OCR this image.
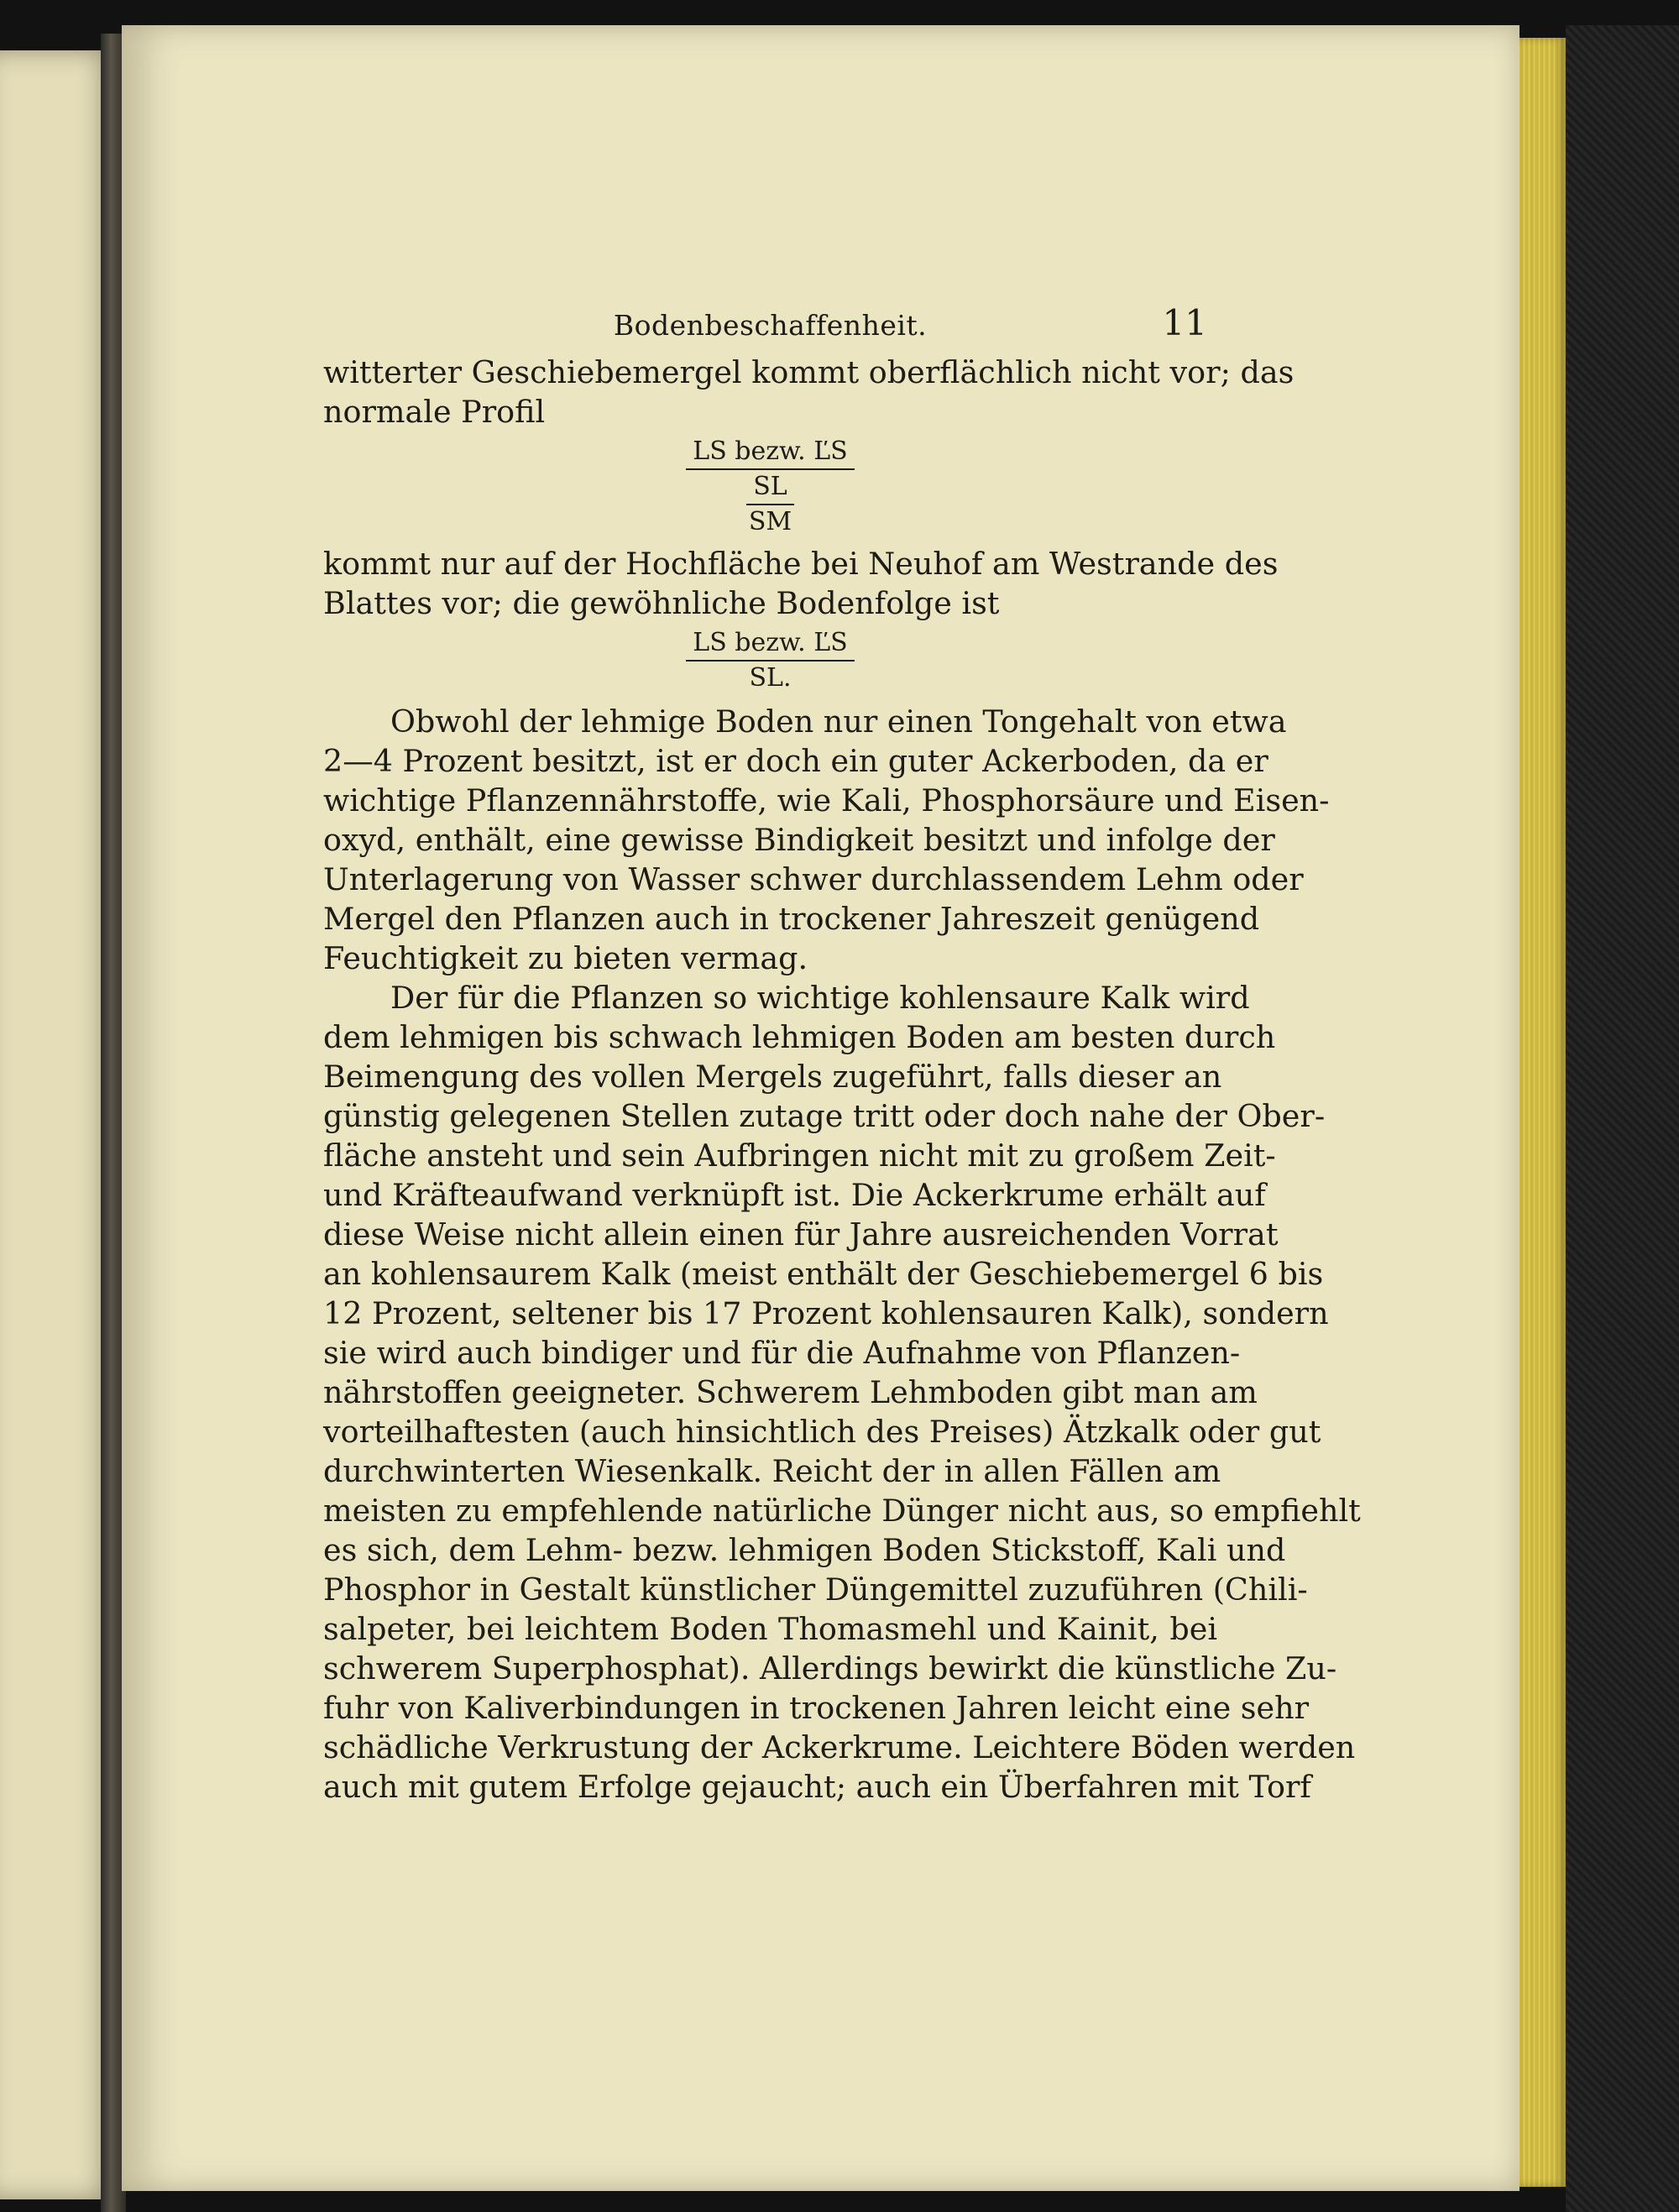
Bodenbeschaffenheit.	11

witterter Geschiebemergel kommt oberflächlich nicht vor; das
normale Profil

LS bezw. ĽS
SL
SM

kommt nur auf der Hochfläche bei Neuhof am Westrande des
Blattes vor; die gewöhnliche Bodenfolge ist

LS bezw. ĽS
SL.

Obwohl der lehmige Boden nur einen Tongehalt von etwa
2—4 Prozent besitzt, ist er doch ein guter Ackerboden, da er
wichtige Pflanzennährstoffe, wie Kali, Phosphorsäure und Eisen-
oxyd, enthält, eine gewisse Bindigkeit besitzt und infolge der
Unterlagerung von Wasser schwer durchlassendem Lehm oder
Mergel den Pflanzen auch in trockener Jahreszeit genügend
Feuchtigkeit zu bieten vermag.

Der für die Pflanzen so wichtige kohlensaure Kalk wird
dem lehmigen bis schwach lehmigen Boden am besten durch
Beimengung des vollen Mergels zugeführt, falls dieser an
günstig gelegenen Stellen zutage tritt oder doch nahe der Ober-
fläche ansteht und sein Aufbringen nicht mit zu großem Zeit-
und Kräfteaufwand verknüpft ist. Die Ackerkrume erhält auf
diese Weise nicht allein einen für Jahre ausreichenden Vorrat
an kohlensaurem Kalk (meist enthält der Geschiebemergel 6 bis
12 Prozent, seltener bis 17 Prozent kohlensauren Kalk), sondern
sie wird auch bindiger und für die Aufnahme von Pflanzen-
nährstoffen geeigneter. Schwerem Lehmboden gibt man am
vorteilhaftesten (auch hinsichtlich des Preises) Ätzkalk oder gut
durchwinterten Wiesenkalk. Reicht der in allen Fällen am
meisten zu empfehlende natürliche Dünger nicht aus, so empfiehlt
es sich, dem Lehm- bezw. lehmigen Boden Stickstoff, Kali und
Phosphor in Gestalt künstlicher Düngemittel zuzuführen (Chili-
salpeter, bei leichtem Boden Thomasmehl und Kainit, bei
schwerem Superphosphat). Allerdings bewirkt die künstliche Zu-
fuhr von Kaliverbindungen in trockenen Jahren leicht eine sehr
schädliche Verkrustung der Ackerkrume. Leichtere Böden werden
auch mit gutem Erfolge gejaucht; auch ein Überfahren mit Torf
